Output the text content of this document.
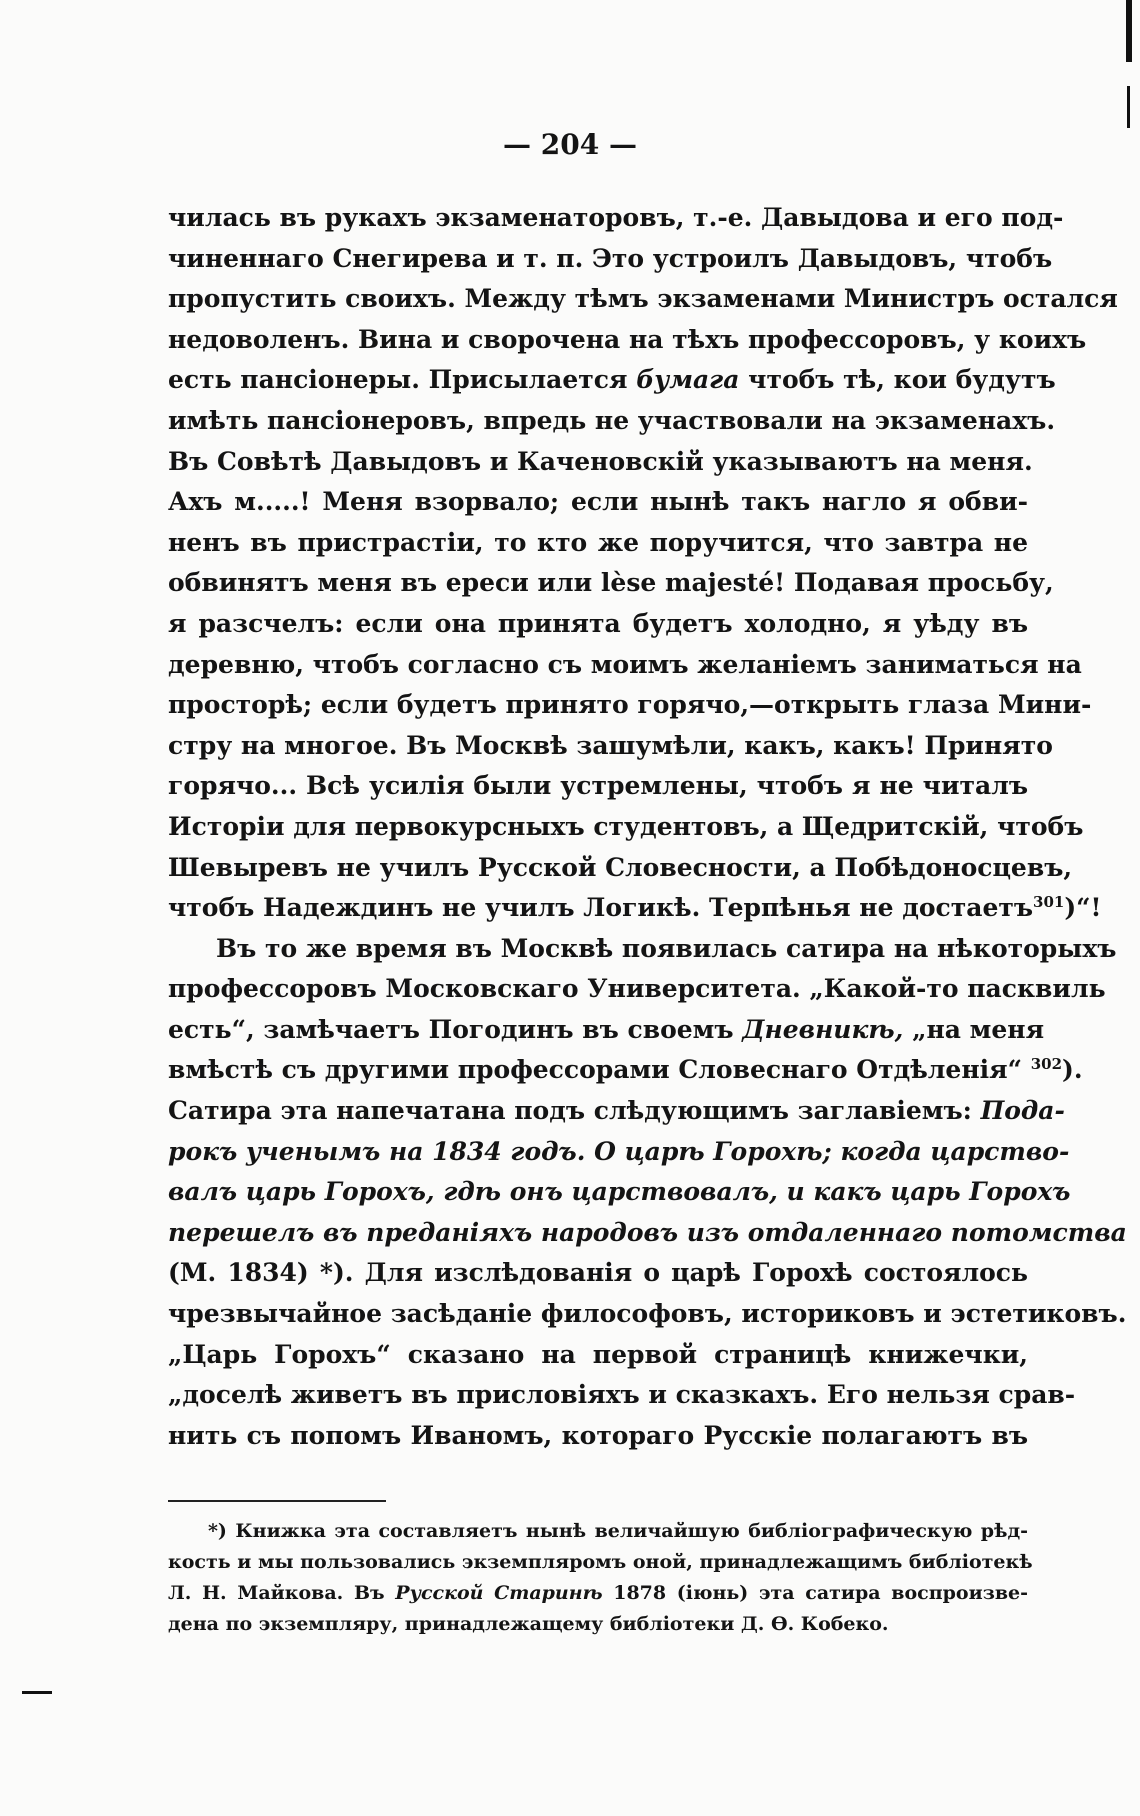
— 204 —
чилась въ рукахъ экзаменаторовъ, т.-е. Давыдова и его под-
чиненнаго Снегирева и т. п. Это устроилъ Давыдовъ, чтобъ
пропустить своихъ. Между тѣмъ экзаменами Министръ остался
недоволенъ. Вина и сворочена на тѣхъ профессоровъ, у коихъ
есть пансіонеры. Присылается бумага чтобъ тѣ, кои будутъ
имѣть пансіонеровъ, впредь не участвовали на экзаменахъ.
Въ Совѣтѣ Давыдовъ и Каченовскій указываютъ на меня.
Ахъ м.....! Меня взорвало; если нынѣ такъ нагло я обви-
ненъ въ пристрастіи, то кто же поручится, что завтра не
обвинятъ меня въ ереси или lèse majesté! Подавая просьбу,
я разсчелъ: если она принята будетъ холодно, я уѣду въ
деревню, чтобъ согласно съ моимъ желаніемъ заниматься на
просторѣ; если будетъ принято горячо,—открыть глаза Мини-
стру на многое. Въ Москвѣ зашумѣли, какъ, какъ! Принято
горячо... Всѣ усилія были устремлены, чтобъ я не читалъ
Исторіи для первокурсныхъ студентовъ, а Щедритскій, чтобъ
Шевыревъ не училъ Русской Словесности, а Побѣдоносцевъ,
чтобъ Надеждинъ не училъ Логикѣ. Терпѣнья не достаетъ$^{301}$)“!
Въ то же время въ Москвѣ появилась сатира на нѣкоторыхъ
профессоровъ Московскаго Университета. „Какой-то пасквиль
есть“, замѣчаетъ Погодинъ въ своемъ Дневникѣ, „на меня
вмѣстѣ съ другими профессорами Словеснаго Отдѣленія“ $^{302}$).
Сатира эта напечатана подъ слѣдующимъ заглавіемъ: Пода-
рокъ ученымъ на 1834 годъ. О царѣ Горохѣ; когда царство-
валъ царь Горохъ, гдѣ онъ царствовалъ, и какъ царь Горохъ
перешелъ въ преданіяхъ народовъ изъ отдаленнаго потомства
(М. 1834) *). Для изслѣдованія о царѣ Горохѣ состоялось
чрезвычайное засѣданіе философовъ, историковъ и эстетиковъ.
„Царь Горохъ“ сказано на первой страницѣ книжечки,
„доселѣ живетъ въ присловіяхъ и сказкахъ. Его нельзя срав-
нить съ попомъ Иваномъ, котораго Русскіе полагаютъ въ
*) Книжка эта составляетъ нынѣ величайшую библіографическую рѣд-
кость и мы пользовались экземпляромъ оной, принадлежащимъ библіотекѣ
Л. Н. Майкова. Въ Русской Старинѣ 1878 (іюнь) эта сатира воспроизве-
дена по экземпляру, принадлежащему библіотеки Д. Ѳ. Кобеко.
